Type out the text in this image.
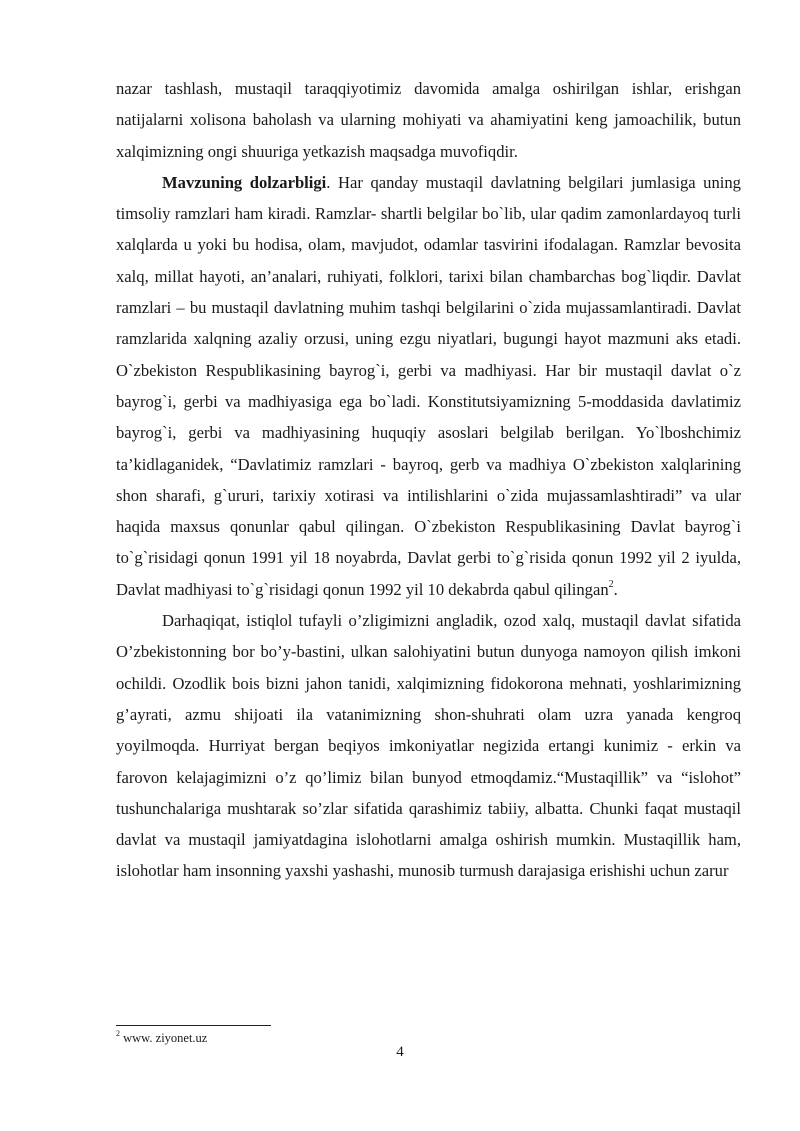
nazar tashlash, mustaqil taraqqiyotimiz davomida amalga oshirilgan ishlar, erishgan natijalarni xolisona baholash va ularning mohiyati va ahamiyatini keng jamoachilik, butun xalqimizning ongi shuuriga yetkazish maqsadga muvofiqdir.

Mavzuning dolzarbligi. Har qanday mustaqil davlatning belgilari jumlasiga uning timsoliy ramzlari ham kiradi. Ramzlar- shartli belgilar bo`lib, ular qadim zamonlardayoq turli xalqlarda u yoki bu hodisa, olam, mavjudot, odamlar tasvirini ifodalagan. Ramzlar bevosita xalq, millat hayoti, an’analari, ruhiyati, folklori, tarixi bilan chambarchas bog`liqdir. Davlat ramzlari – bu mustaqil davlatning muhim tashqi belgilarini o`zida mujassamlantiradi. Davlat ramzlarida xalqning azaliy orzusi, uning ezgu niyatlari, bugungi hayot mazmuni aks etadi. O`zbekiston Respublikasining bayrog`i, gerbi va madhiyasi. Har bir mustaqil davlat o`z bayrog`i, gerbi va madhiyasiga ega bo`ladi. Konstitutsiyamizning 5-moddasida davlatimiz bayrog`i, gerbi va madhiyasining huquqiy asoslari belgilab berilgan. Yo`lboshchimiz ta’kidlaganidek, “Davlatimiz ramzlari - bayroq, gerb va madhiya O`zbekiston xalqlarining shon sharafi, g`ururi, tarixiy xotirasi va intilishlarini o`zida mujassamlashtiradi” va ular haqida maxsus qonunlar qabul qilingan. O`zbekiston Respublikasining Davlat bayrog`i to`g`risidagi qonun 1991 yil 18 noyabrda, Davlat gerbi to`g`risida qonun 1992 yil 2 iyulda, Davlat madhiyasi to`g`risidagi qonun 1992 yil 10 dekabrda qabul qilingan$^2$.

Darhaqiqat, istiqlol tufayli o’zligimizni angladik, ozod xalq, mustaqil davlat sifatida O’zbekistonning bor bo’y-bastini, ulkan salohiyatini butun dunyoga namoyon qilish imkoni ochildi. Ozodlik bois bizni jahon tanidi, xalqimizning fidokorona mehnati, yoshlarimizning g’ayrati, azmu shijoati ila vatanimizning shon-shuhrati olam uzra yanada kengroq yoyilmoqda. Hurriyat bergan beqiyos imkoniyatlar negizida ertangi kunimiz - erkin va farovon kelajagimizni o’z qo’limiz bilan bunyod etmoqdamiz.“Mustaqillik” va “islohot” tushunchalariga mushtarak so’zlar sifatida qarashimiz tabiiy, albatta. Chunki faqat mustaqil davlat va mustaqil jamiyatdagina islohotlarni amalga oshirish mumkin. Mustaqillik ham, islohotlar ham insonning yaxshi yashashi, munosib turmush darajasiga erishishi uchun zarur

$^2$ www. ziyonet.uz
4
